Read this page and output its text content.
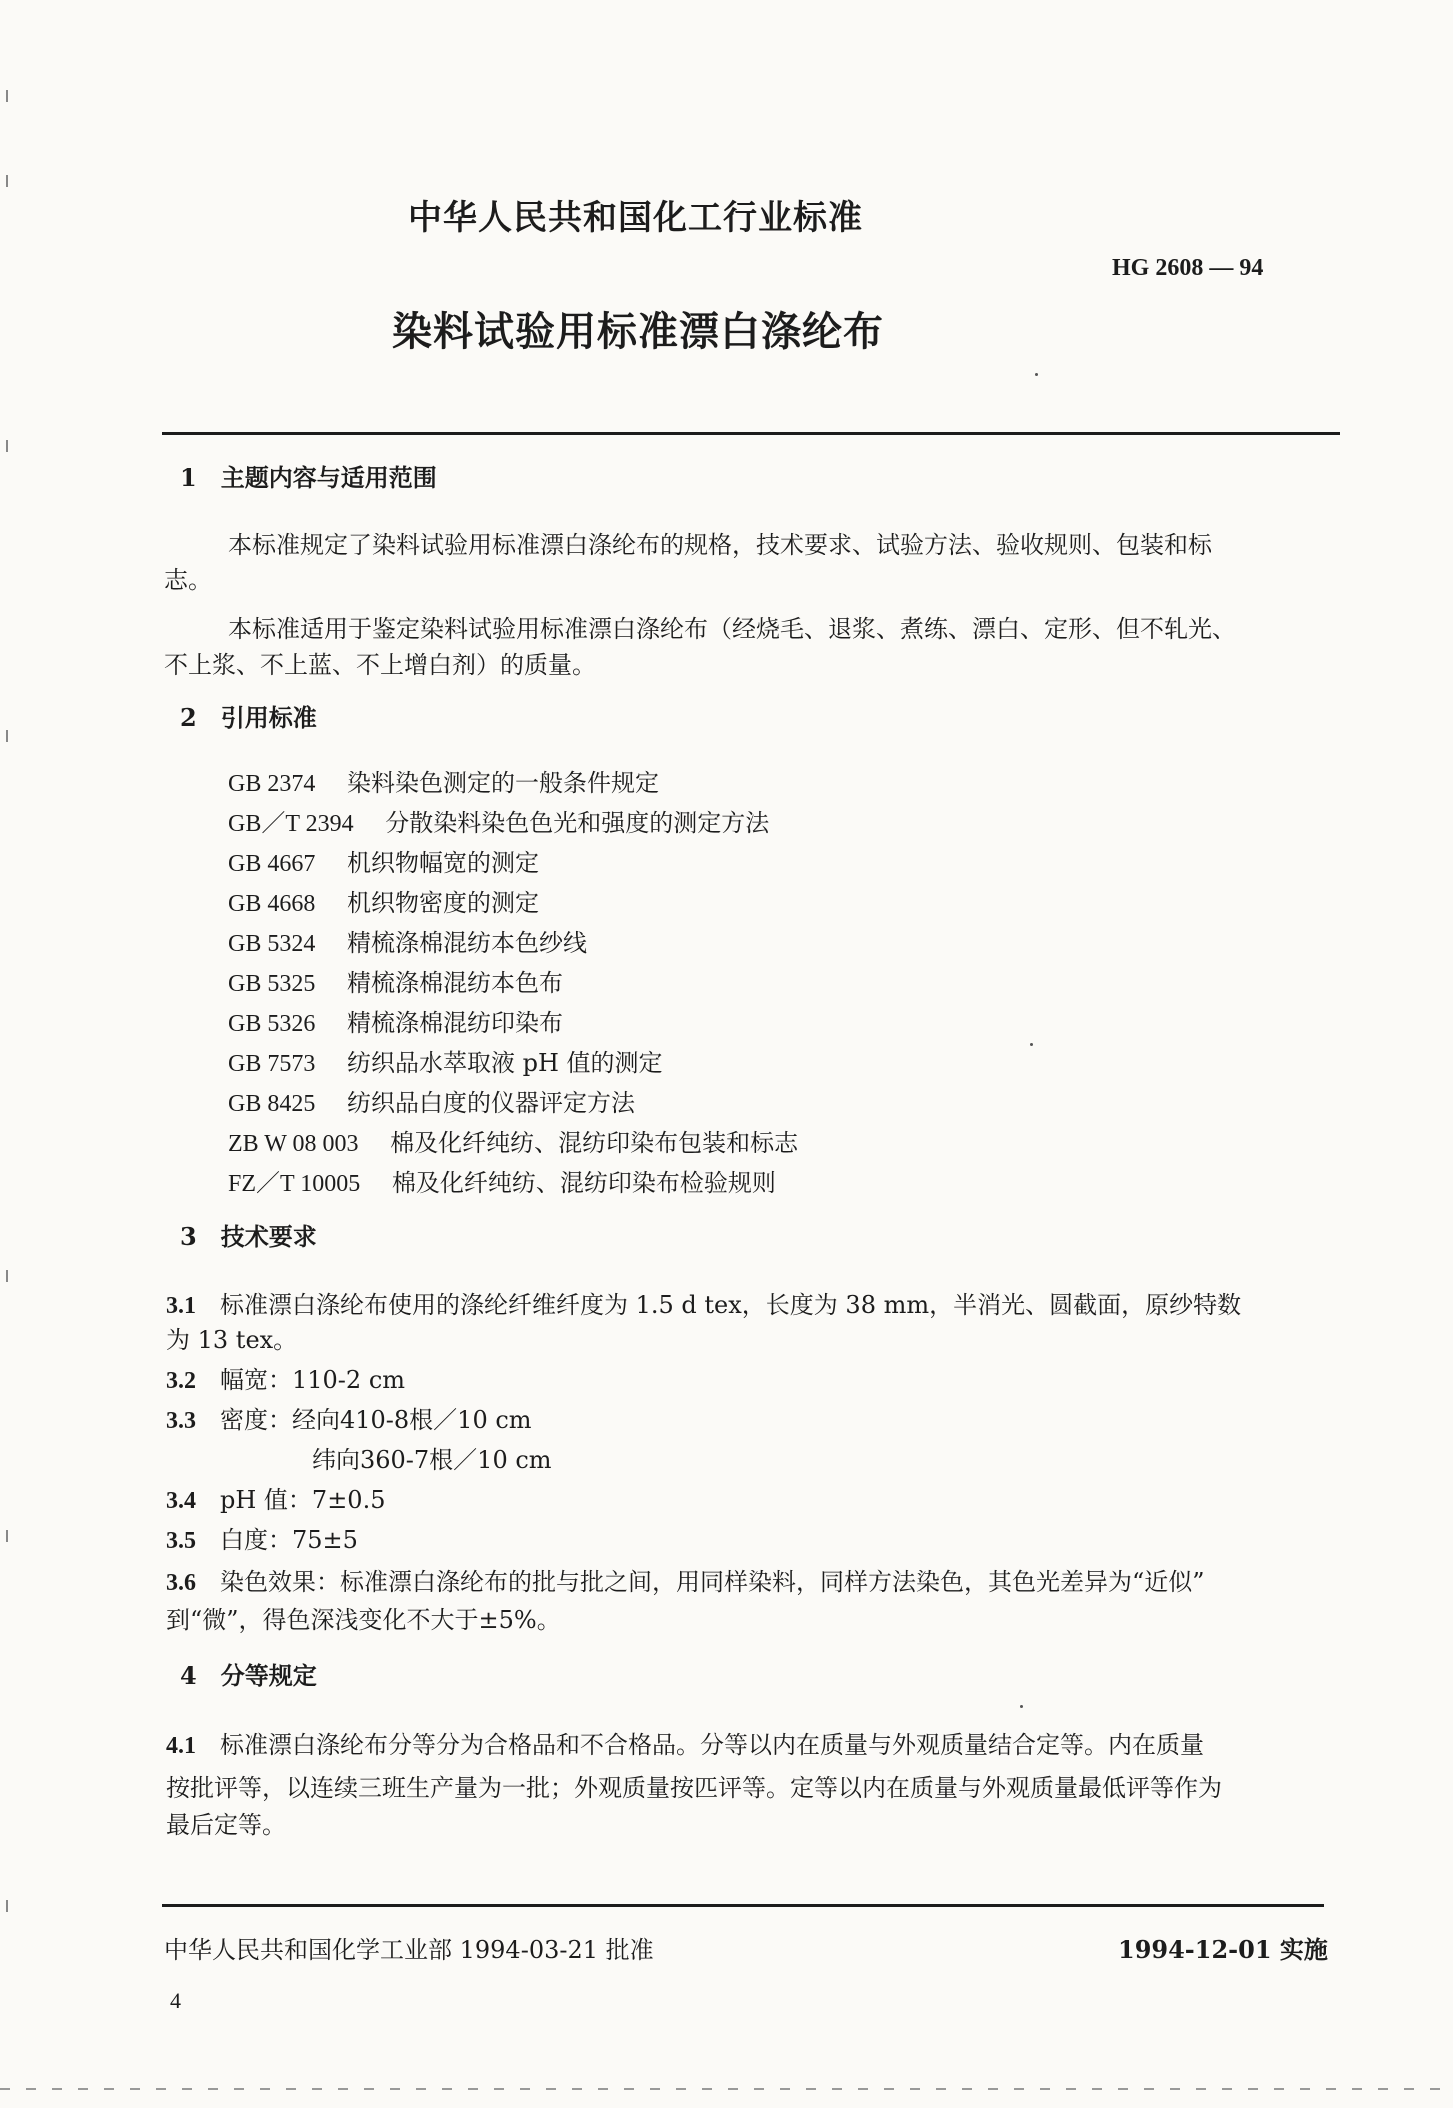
中华人民共和国化工行业标准
HG 2608 — 94
染料试验用标准漂白涤纶布
1　主题内容与适用范围
本标准规定了染料试验用标准漂白涤纶布的规格，技术要求、试验方法、验收规则、包装和标
志。
本标准适用于鉴定染料试验用标准漂白涤纶布（经烧毛、退浆、煮练、漂白、定形、但不轧光、
不上浆、不上蓝、不上增白剂）的质量。
2　引用标准
GB 2374　 染料染色测定的一般条件规定
GB／T 2394　 分散染料染色色光和强度的测定方法
GB 4667　 机织物幅宽的测定
GB 4668　 机织物密度的测定
GB 5324　 精梳涤棉混纺本色纱线
GB 5325　 精梳涤棉混纺本色布
GB 5326　 精梳涤棉混纺印染布
GB 7573　 纺织品水萃取液 pH 值的测定
GB 8425　 纺织品白度的仪器评定方法
ZB W 08 003　 棉及化纤纯纺、混纺印染布包装和标志
FZ／T 10005　 棉及化纤纯纺、混纺印染布检验规则
3　技术要求
3.1　 标准漂白涤纶布使用的涤纶纤维纤度为 1.5 d tex，长度为 38 mm，半消光、圆截面，原纱特数
为 13 tex。
3.2　 幅宽：110-2 cm
3.3　 密度：经向410-8根／10 cm
纬向360-7根／10 cm
3.4　 pH 值：7±0.5
3.5　 白度：75±5
3.6　 染色效果：标准漂白涤纶布的批与批之间，用同样染料，同样方法染色，其色光差异为“近似”
到“微”，得色深浅变化不大于±5%。
4　分等规定
4.1　 标准漂白涤纶布分等分为合格品和不合格品。分等以内在质量与外观质量结合定等。内在质量
按批评等，以连续三班生产量为一批；外观质量按匹评等。定等以内在质量与外观质量最低评等作为
最后定等。
中华人民共和国化学工业部 1994-03-21 批准	1994-12-01 实施
4
